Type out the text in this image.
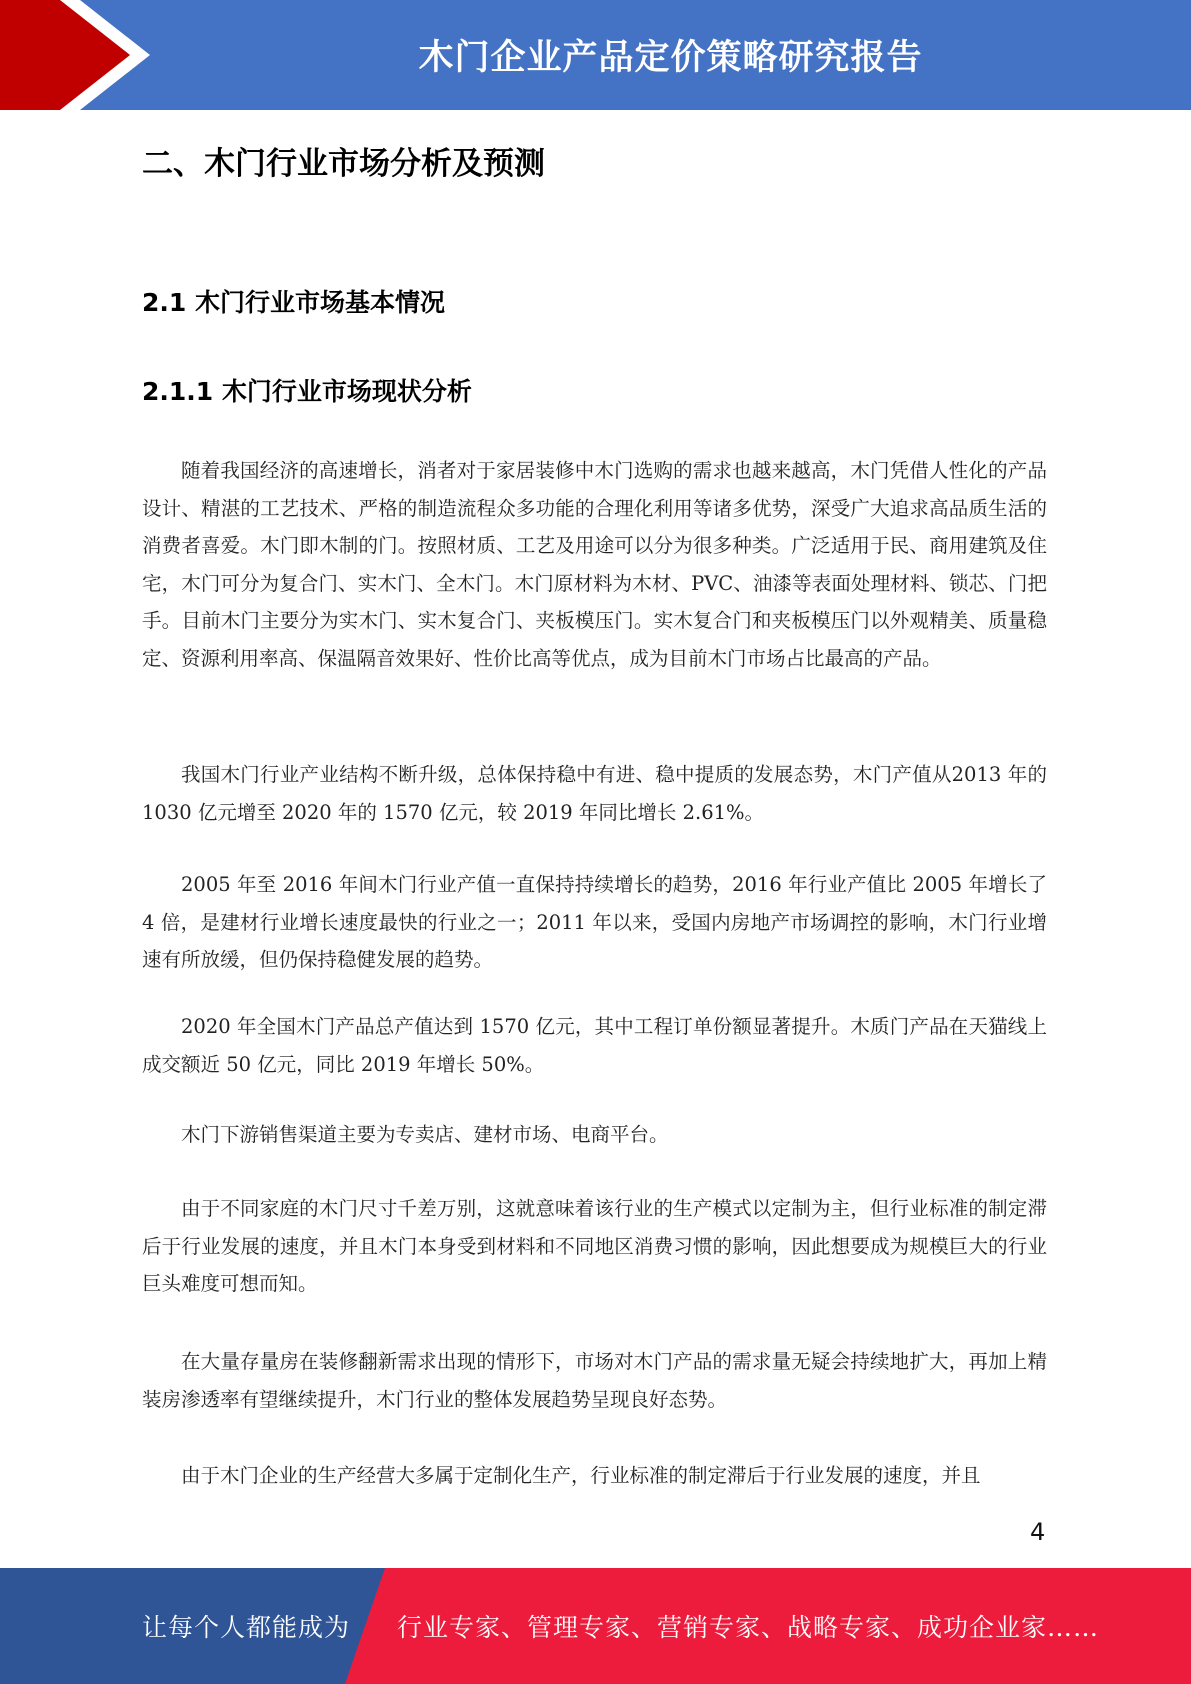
木门企业产品定价策略研究报告
二、木门行业市场分析及预测
2.1 木门行业市场基本情况
2.1.1 木门行业市场现状分析

随着我国经济的高速增长，消者对于家居装修中木门选购的需求也越来越高，木门凭借人性化的产品设计、精湛的工艺技术、严格的制造流程众多功能的合理化利用等诸多优势，深受广大追求高品质生活的消费者喜爱。木门即木制的门。按照材质、工艺及用途可以分为很多种类。广泛适用于民、商用建筑及住宅，木门可分为复合门、实木门、全木门。木门原材料为木材、PVC、油漆等表面处理材料、锁芯、门把手。目前木门主要分为实木门、实木复合门、夹板模压门。实木复合门和夹板模压门以外观精美、质量稳定、资源利用率高、保温隔音效果好、性价比高等优点，成为目前木门市场占比最高的产品。

我国木门行业产业结构不断升级，总体保持稳中有进、稳中提质的发展态势，木门产值从2013 年的 1030 亿元增至 2020 年的 1570 亿元，较 2019 年同比增长 2.61%。

2005 年至 2016 年间木门行业产值一直保持持续增长的趋势，2016 年行业产值比 2005 年增长了 4 倍，是建材行业增长速度最快的行业之一；2011 年以来，受国内房地产市场调控的影响，木门行业增速有所放缓，但仍保持稳健发展的趋势。

2020 年全国木门产品总产值达到 1570 亿元，其中工程订单份额显著提升。木质门产品在天猫线上成交额近 50 亿元，同比 2019 年增长 50%。

木门下游销售渠道主要为专卖店、建材市场、电商平台。

由于不同家庭的木门尺寸千差万别，这就意味着该行业的生产模式以定制为主，但行业标准的制定滞后于行业发展的速度，并且木门本身受到材料和不同地区消费习惯的影响，因此想要成为规模巨大的行业巨头难度可想而知。

在大量存量房在装修翻新需求出现的情形下，市场对木门产品的需求量无疑会持续地扩大，再加上精装房渗透率有望继续提升，木门行业的整体发展趋势呈现良好态势。

由于木门企业的生产经营大多属于定制化生产，行业标准的制定滞后于行业发展的速度，并且

4
让每个人都能成为 行业专家、管理专家、营销专家、战略专家、成功企业家……
